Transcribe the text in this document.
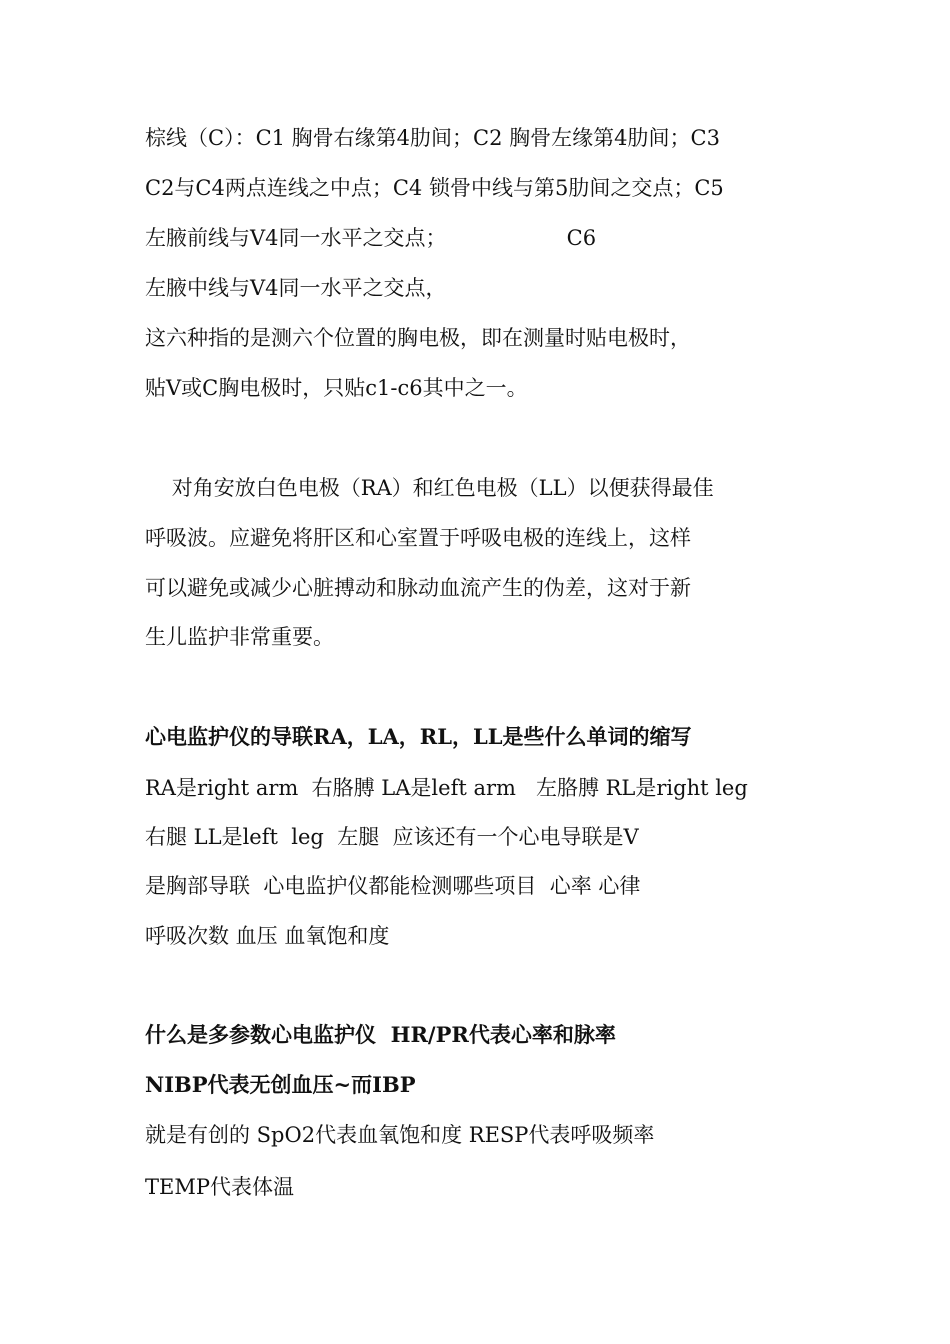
棕线（C）：C1 胸骨右缘第4肋间；C2 胸骨左缘第4肋间；C3
C2与C4两点连线之中点；C4 锁骨中线与第5肋间之交点；C5
左腋前线与V4同一水平之交点；                  C6
左腋中线与V4同一水平之交点，
这六种指的是测六个位置的胸电极，即在测量时贴电极时，
贴V或C胸电极时，只贴c1-c6其中之一。
对角安放白色电极（RA）和红色电极（LL）以便获得最佳
呼吸波。应避免将肝区和心室置于呼吸电极的连线上，这样
可以避免或减少心脏搏动和脉动血流产生的伪差，这对于新
生儿监护非常重要。
心电监护仪的导联RA，LA，RL，LL是些什么单词的缩写
RA是right arm  右胳膊 LA是left arm   左胳膊 RL是right leg
右腿 LL是left  leg  左腿  应该还有一个心电导联是V
是胸部导联  心电监护仪都能检测哪些项目  心率 心律
呼吸次数 血压 血氧饱和度
什么是多参数心电监护仪  HR/PR代表心率和脉率
NIBP代表无创血压~而IBP
就是有创的 SpO2代表血氧饱和度 RESP代表呼吸频率
TEMP代表体温
